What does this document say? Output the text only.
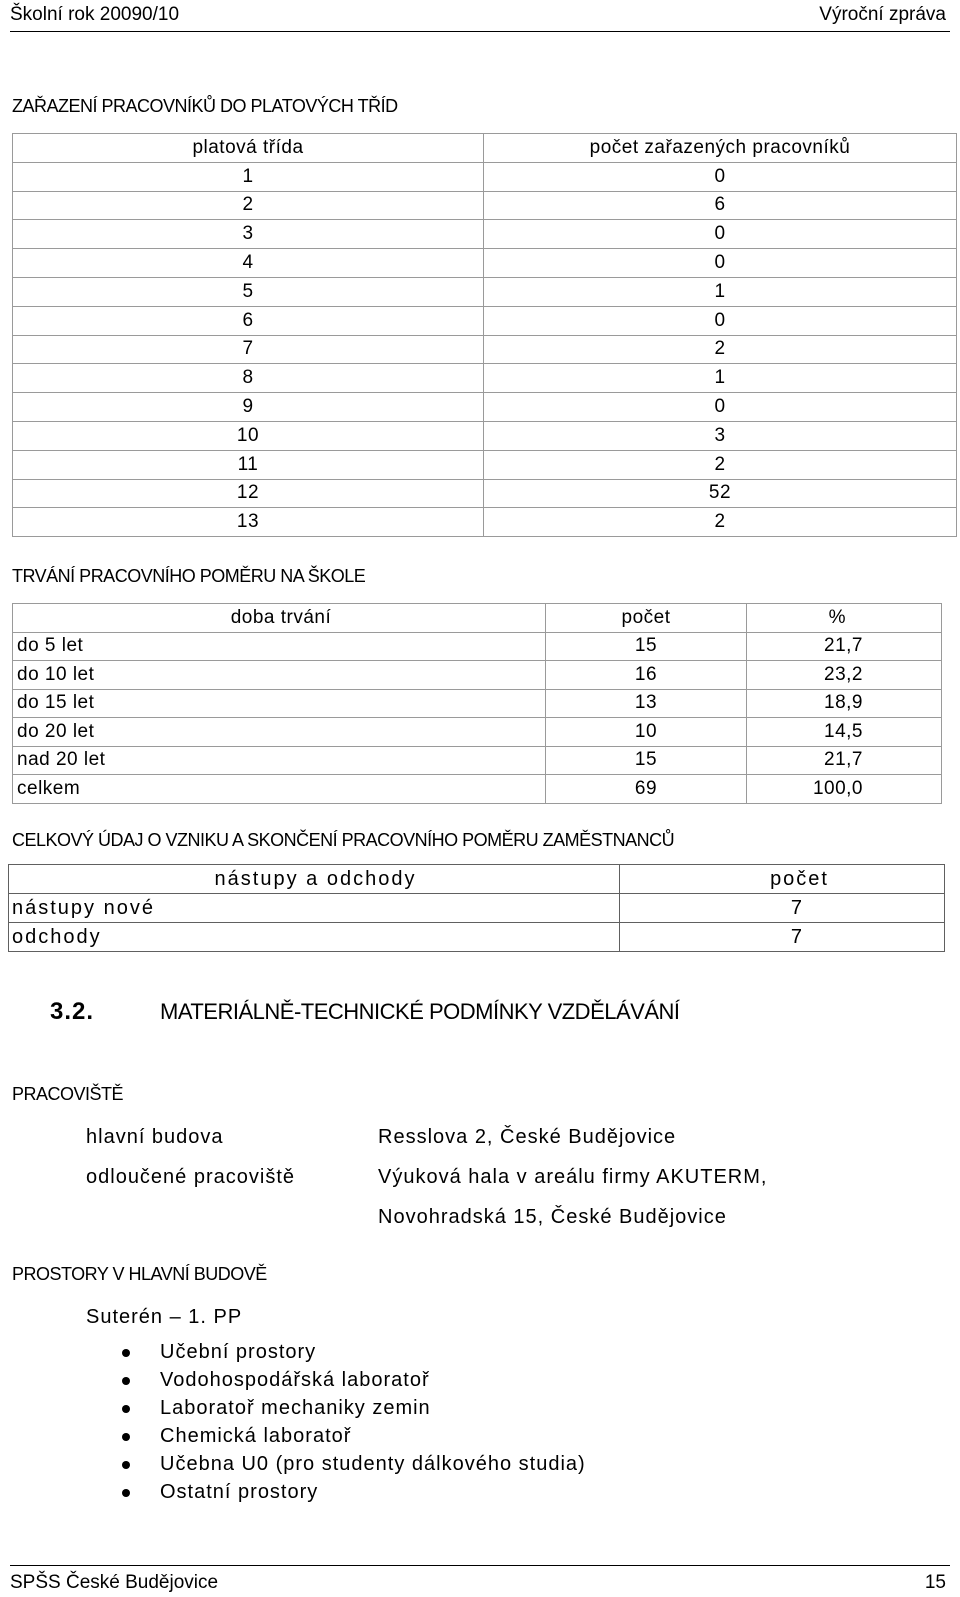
Školní rok 20090/10	Výroční zpráva
ZAŘAZENÍ PRACOVNÍKŮ DO PLATOVÝCH TŘÍD
platová třída	počet zařazených pracovníků
1	0
2	6
3	0
4	0
5	1
6	0
7	2
8	1
9	0
10	3
11	2
12	52
13	2
TRVÁNÍ PRACOVNÍHO POMĚRU NA ŠKOLE
doba trvání	počet	%
do 5 let	15	21,7
do 10 let	16	23,2
do 15 let	13	18,9
do 20 let	10	14,5
nad 20 let	15	21,7
celkem	69	100,0
CELKOVÝ ÚDAJ O VZNIKU A SKONČENÍ PRACOVNÍHO POMĚRU ZAMĚSTNANCŮ
nástupy a odchody	počet
nástupy nové	7
odchody	7
3.2.	MATERIÁLNĚ-TECHNICKÉ PODMÍNKY VZDĚLÁVÁNÍ
PRACOVIŠTĚ
hlavní budova	Resslova 2, České Budějovice
odloučené pracoviště	Výuková hala v areálu firmy AKUTERM,
Novohradská 15, České Budějovice
PROSTORY V HLAVNÍ BUDOVĚ
Suterén – 1. PP
Učební prostory
Vodohospodářská laboratoř
Laboratoř mechaniky zemin
Chemická laboratoř
Učebna U0 (pro studenty dálkového studia)
Ostatní prostory
SPŠS České Budějovice	15
